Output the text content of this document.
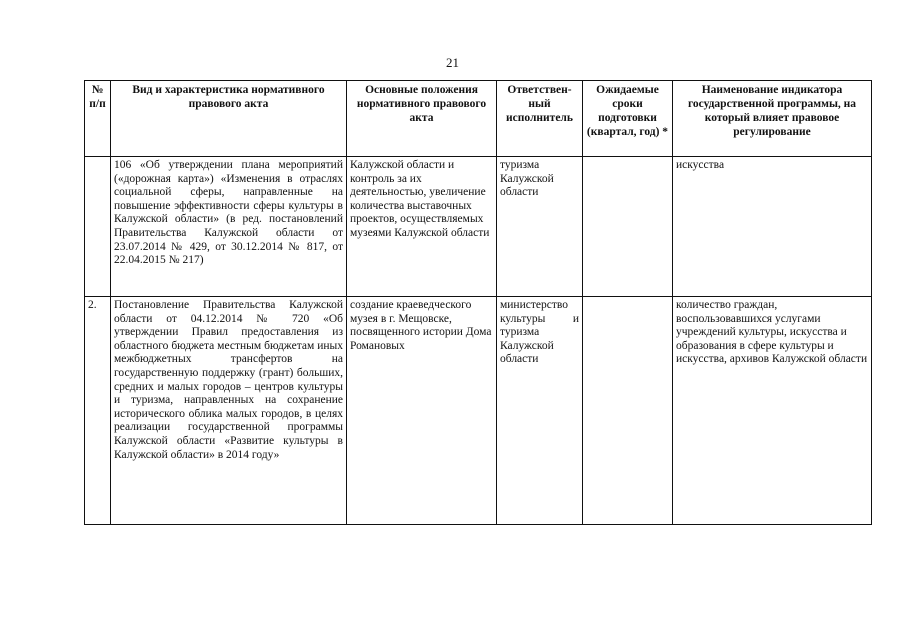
21
№ п/п	Вид и характеристика нормативного правового акта	Основные положения нормативного правового акта	Ответствен-ный исполнитель	Ожидаемые сроки подготовки (квартал, год) *	Наименование индикатора государственной программы, на который влияет правовое регулирование
	106 «Об утверждении плана мероприятий («дорожная карта») «Изменения в отраслях социальной сферы, направленные на повышение эффективности сферы культуры в Калужской области» (в ред. постановлений Правительства Калужской области от 23.07.2014 № 429, от 30.12.2014 № 817, от 22.04.2015 № 217)	Калужской области и контроль за их деятельностью, увеличение количества выставочных проектов, осуществляемых музеями Калужской области	туризма Калужской области		искусства
2.	Постановление Правительства Калужской области от 04.12.2014 № 720 «Об утверждении Правил предоставления из областного бюджета местным бюджетам иных межбюджетных трансфертов на государственную поддержку (грант) больших, средних и малых городов – центров культуры и туризма, направленных на сохранение исторического облика малых городов, в целях реализации государственной программы Калужской области «Развитие культуры в Калужской области» в 2014 году»	создание краеведческого музея в г. Мещовске, посвященного истории Дома Романовых	министерство культуры и туризма Калужской области		количество граждан, воспользовавшихся услугами учреждений культуры, искусства и образования в сфере культуры и искусства, архивов Калужской области
